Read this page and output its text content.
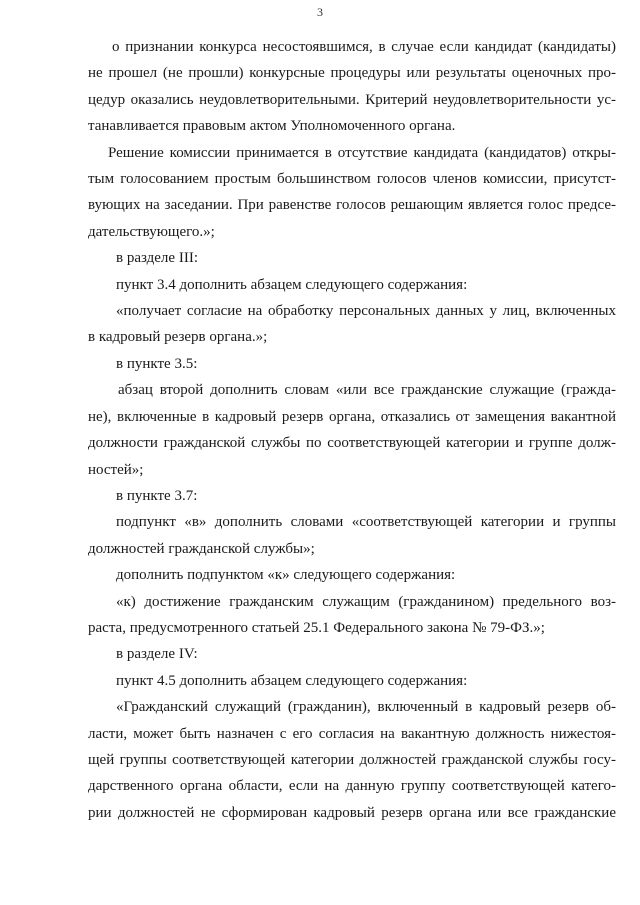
3
о признании конкурса несостоявшимся, в случае если кандидат (кандидаты)
не прошел (не прошли) конкурсные процедуры или результаты оценочных про-
цедур оказались неудовлетворительными. Критерий неудовлетворительности ус-
танавливается правовым актом Уполномоченного органа.
Решение комиссии принимается в отсутствие кандидата (кандидатов) откры-
тым голосованием простым большинством голосов членов комиссии, присутст-
вующих на заседании. При равенстве голосов решающим является голос предсе-
дательствующего.»;
в разделе III:
пункт 3.4 дополнить абзацем следующего содержания:
«получает согласие на обработку персональных данных у лиц, включенных
в кадровый резерв органа.»;
в пункте 3.5:
абзац второй дополнить словам «или все гражданские служащие (гражда-
не), включенные в кадровый резерв органа, отказались от замещения вакантной
должности гражданской службы по соответствующей категории и группе долж-
ностей»;
в пункте 3.7:
подпункт «в» дополнить словами «соответствующей категории и группы
должностей гражданской службы»;
дополнить подпунктом «к» следующего содержания:
«к) достижение гражданским служащим (гражданином) предельного воз-
раста, предусмотренного статьей 25.1 Федерального закона № 79-ФЗ.»;
в разделе IV:
пункт 4.5 дополнить абзацем следующего содержания:
«Гражданский служащий (гражданин), включенный в кадровый резерв об-
ласти, может быть назначен с его согласия на вакантную должность нижестоя-
щей группы соответствующей категории должностей гражданской службы госу-
дарственного органа области, если на данную группу соответствующей катего-
рии должностей не сформирован кадровый резерв органа или все гражданские
